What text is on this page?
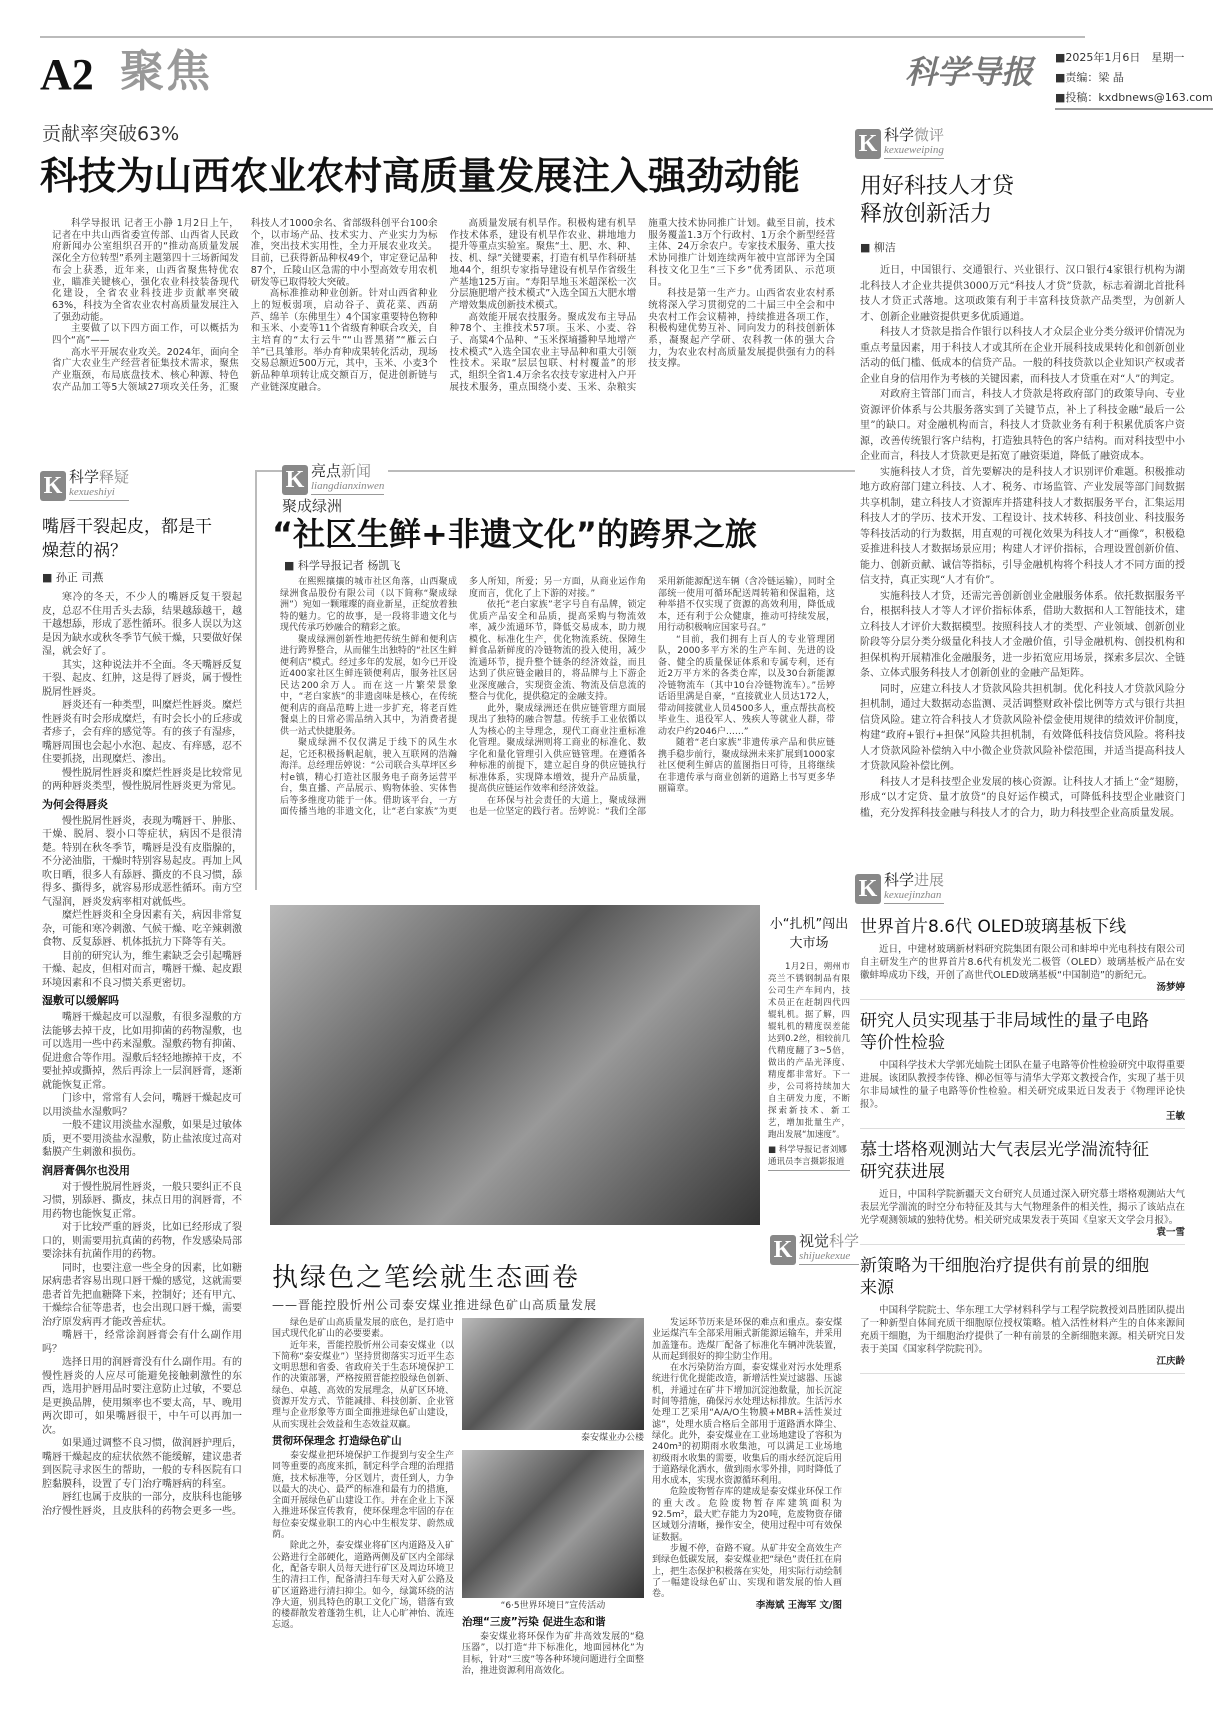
A2 聚焦	科学导报 ■2025年1月6日　星期一
■责编：梁 晶
■投稿：kxdbnews@163.com
贡献率突破63%
科技为山西农业农村高质量发展注入强劲动能

科学导报讯 记者王小静 1月2日上午，记者在中共山西省委宣传部、山西省人民政府新闻办公室组织召开的“推动高质量发展 深化全方位转型”系列主题第四十三场新闻发布会上获悉，近年来，山西省聚焦特优农业，瞄准关键核心，强化农业科技装备现代化建设，全省农业科技进步贡献率突破63%，科技为全省农业农村高质量发展注入了强劲动能。

主要做了以下四方面工作，可以概括为四个“高”——

高水平开展农业攻关。2024年，面向全省广大农业生产经营者征集技术需求，聚焦产业瓶颈，布局底盘技术、核心种源、特色农产品加工等5大领域27项攻关任务，汇聚科技人才1000余名、省部级科创平台100余个，以市场产品、技术实力、产业实力为标准，突出技术实用性，全力开展农业攻关。目前，已获得新品种权49个，审定登记品种87个，丘陵山区急需的中小型高效专用农机研发等已取得较大突破。

高标准推动种业创新。针对山西省种业上的短板弱项，启动谷子、黄花菜、西葫芦、绵羊（东佛里生）4个国家重要特色物种和玉米、小麦等11个省级育种联合攻关，自主培育的“太行云牛”“山晋黑猪”“雁云白羊”已具雏形。举办育种成果转化活动，现场交易总额近500万元，其中，玉米、小麦3个新品种单项转让成交额百万，促进创新链与产业链深度融合。

高质量发展有机旱作。积极构建有机旱作技术体系，建设有机旱作农业、耕地地力提升等重点实验室。聚焦“土、肥、水、种、技、机、绿”关键要素，打造有机旱作科研基地44个，组织专家指导建设有机旱作省级生产基地125万亩。“寿阳旱地玉米超深松一次分层施肥增产技术模式”入选全国五大肥水增产增效集成创新技术模式。

高效能开展农技服务。聚成发布主导品种78个、主推技术57项。玉米、小麦、谷子、高粱4个品种、“玉米探墒播种旱地增产技术模式”入选全国农业主导品种和重大引领性技术。采取“层层包联、村村覆盖”的形式，组织全省1.4万余名农技专家进村入户开展技术服务，重点围绕小麦、玉米、杂粮实施重大技术协同推广计划。截至目前，技术服务覆盖1.3万个行政村、1万余个新型经营主体、24万余农户。专家技术服务、重大技术协同推广计划连续两年被中宣部评为全国科技文化卫生“三下乡”优秀团队、示范项目。

科技是第一生产力。山西省农业农村系统将深入学习贯彻党的二十届三中全会和中央农村工作会议精神，持续推进各项工作，积极构建优势互补、同向发力的科技创新体系，凝聚起产学研、农科教一体的强大合力，为农业农村高质量发展提供强有力的科技支撑。

K 科学微评
kexueweiping
用好科技人才贷 释放创新活力
■ 柳洁

近日，中国银行、交通银行、兴业银行、汉口银行4家银行机构为湖北科技人才企业共提供3000万元“科技人才贷”贷款，标志着湖北首批科技人才贷正式落地。这项政策有利于丰富科技贷款产品类型，为创新人才、创新企业融资提供更多优质通道。

科技人才贷款是指合作银行以科技人才众层企业分类分级评价情况为重点考量因素，用于科技人才或其所在企业开展科技成果转化和创新创业活动的低门槛、低成本的信贷产品。一般的科技贷款以企业知识产权或者企业自身的信用作为考核的关键因素，而科技人才贷重在对“人”的判定。

对政府主管部门而言，科技人才贷款是将政府部门的政策导向、专业资源评价体系与公共服务落实到了关键节点，补上了科技金融“最后一公里”的缺口。对金融机构而言，科技人才贷款业务有利于积累优质客户资源，改善传统银行客户结构，打造独具特色的客户结构。而对科技型中小企业而言，科技人才贷款更是拓宽了融资渠道，降低了融资成本。

实施科技人才贷，首先要解决的是科技人才识别评价难题。积极推动地方政府部门建立科技、人才、税务、市场监管、产业发展等部门间数据共享机制，建立科技人才资源库并搭建科技人才数据服务平台，汇集运用科技人才的学历、技术开发、工程设计、技术转移、科技创业、科技服务等科技活动的行为数据，用直观的可视化效果为科技人才“画像”，积极稳妥推进科技人才数据场景应用；构建人才评价指标，合理设置创新价值、能力、创新贡献、诚信等指标，引导金融机构将个科技人才不同方面的授信支持，真正实现“人才有价”。

实施科技人才贷，还需完善创新创业金融服务体系。依托数据服务平台，根据科技人才等人才评价指标体系，借助大数据和人工智能技术，建立科技人才评价大数据模型。按照科技人才的类型、产业领域、创新创业阶段等分层分类分级量化科技人才金融价值，引导金融机构、创投机构和担保机构开展精准化金融服务，进一步拓宽应用场景，探索多层次、全链条、立体式服务科技人才创新创业的金融产品矩阵。

同时，应建立科技人才贷款风险共担机制。优化科技人才贷款风险分担机制，通过大数据动态监测、灵活调整财政补偿比例等方式与银行共担信贷风险。建立符合科技人才贷款风险补偿金使用规律的绩效评价制度，构建“政府+银行+担保”风险共担机制，有效降低科技信贷风险。将科技人才贷款风险补偿纳入中小微企业贷款风险补偿范围，并适当提高科技人才贷款风险补偿比例。

科技人才是科技型企业发展的核心资源。让科技人才插上“金”翅膀，形成“以才定贷、量才放贷”的良好运作模式，可降低科技型企业融资门槛，充分发挥科技金融与科技人才的合力，助力科技型企业高质量发展。

K 科学进展
kexuejinzhan
世界首片8.6代 OLED玻璃基板下线

近日，中建材玻璃新材料研究院集团有限公司和蚌埠中光电科技有限公司自主研发生产的世界首片8.6代有机发光二极管（OLED）玻璃基板产品在安徽蚌埠成功下线，开创了高世代OLED玻璃基板“中国制造”的新纪元。

汤梦婷
研究人员实现基于非局域性的量子电路等价性检验

中国科学技术大学郭光灿院士团队在量子电路等价性检验研究中取得重要进展。该团队教授李传锋、柳必恒等与清华大学郑文教授合作，实现了基于贝尔非局域性的量子电路等价性检验。相关研究成果近日发表于《物理评论快报》。

王敏
慕士塔格观测站大气表层光学湍流特征研究获进展

近日，中国科学院新疆天文台研究人员通过深入研究慕士塔格观测站大气表层光学湍流的时空分布特征及其与大气物理条件的相关性，揭示了该站点在光学观测领域的独特优势。相关研究成果发表于英国《皇家天文学会月报》。

袁一雪
新策略为干细胞治疗提供有前景的细胞来源

中国科学院院士、华东理工大学材料科学与工程学院教授刘昌胜团队提出了一种新型自体间充质干细胞原位授权策略。植入活性材料产生的自体来源间充质干细胞，为干细胞治疗提供了一种有前景的全新细胞来源。相关研究日发表于美国《国家科学院院刊》。

江庆龄
K 科学释疑
kexueshiyi
嘴唇干裂起皮，都是干燥惹的祸？
■ 孙正 司燕

寒冷的冬天，不少人的嘴唇反复干裂起皮，总忍不住用舌头去舔，结果越舔越干，越干越想舔，形成了恶性循环。很多人误以为这是因为缺水或秋冬季节气候干燥，只要做好保湿，就会好了。

其实，这种说法并不全面。冬天嘴唇反复干裂、起皮、红肿，这是得了唇炎，属于慢性脱屑性唇炎。

唇炎还有一种类型，叫糜烂性唇炎。糜烂性唇炎有时会形成糜烂，有时会长小的丘疹或者疹子，会有痒的感觉等。有的孩子有湿疹，嘴唇周围也会起小水泡、起皮、有痒感，忍不住要抓挠，出现糜烂、渗出。

慢性脱屑性唇炎和糜烂性唇炎是比较常见的两种唇炎类型，慢性脱屑性唇炎更为常见。

为何会得唇炎

慢性脱屑性唇炎，表现为嘴唇干、肿胀、干燥、脱屑、裂小口等症状，病因不是很清楚。特别在秋冬季节，嘴唇是没有皮脂腺的，不分泌油脂，干燥时特别容易起皮。再加上风吹日晒，很多人有舔唇、撕皮的不良习惯，舔得多、撕得多，就容易形成恶性循环。南方空气湿润，唇炎发病率相对就低些。

糜烂性唇炎和全身因素有关，病因非常复杂，可能和寒冷刺激、气候干燥、吃辛辣刺激食物、反复舔唇、机体抵抗力下降等有关。

目前的研究认为，维生素缺乏会引起嘴唇干燥、起皮，但相对而言，嘴唇干燥、起皮跟环境因素和不良习惯关系更密切。

湿敷可以缓解吗

嘴唇干燥起皮可以湿敷，有很多湿敷的方法能够去掉干皮，比如用抑菌的药物湿敷，也可以选用一些中药来湿敷。湿敷药物有抑菌、促进愈合等作用。湿敷后轻轻地擦掉干皮，不要扯掉或撕掉，然后再涂上一层润唇膏，逐渐就能恢复正常。

门诊中，常常有人会问，嘴唇干燥起皮可以用淡盐水湿敷吗？

一般不建议用淡盐水湿敷，如果是过敏体质，更不要用淡盐水湿敷，防止盐浓度过高对黏膜产生刺激和损伤。

润唇膏偶尔也没用

对于慢性脱屑性唇炎，一般只要纠正不良习惯，别舔唇、撕皮，抹点日用的润唇膏，不用药物也能恢复正常。

对于比较严重的唇炎，比如已经形成了裂口的，则需要用抗真菌的药物，作发感染局部要涂抹有抗菌作用的药物。

同时，也要注意一些全身的因素，比如糖尿病患者容易出现口唇干燥的感觉，这就需要患者首先把血糖降下来，控制好；还有甲亢、干燥综合征等患者，也会出现口唇干燥，需要治疗原发病再才能改善症状。

嘴唇干，经常涂润唇膏会有什么副作用吗？

选择日用的润唇膏没有什么副作用。有的慢性唇炎的人应尽可能避免接触刺激性的东西，选用护唇用品时要注意防止过敏，不要总是更换品牌，使用频率也不要太高，早、晚用两次即可，如果嘴唇很干，中午可以再加一次。

如果通过调整不良习惯，做润唇护理后，嘴唇干燥起皮的症状依然不能缓解，建议患者到医院寻求医生的帮助，一般的专科医院有口腔黏膜科，设置了专门治疗嘴唇病的科室。

唇红也属于皮肤的一部分，皮肤科也能够治疗慢性唇炎，且皮肤科的药物会更多一些。

K 亮点新闻
liangdianxinwen
聚成绿洲
“社区生鲜+非遗文化”的跨界之旅
■ 科学导报记者 杨凯飞

在熙熙攘攘的城市社区角落，山西聚成绿洲食品股份有限公司（以下简称“聚成绿洲”）宛如一颗璀璨的商业新星，正绽放着独特的魅力。它的故事，是一段将非遗文化与现代传承巧妙融合的精彩之旅。

聚成绿洲创新性地把传统生鲜和便利店进行跨界整合，从而催生出独特的“社区生鲜便利店”模式。经过多年的发展，如今已开设近400家社区生鲜连锁便利店，服务社区居民达200余万人。而在这一片繁荣景象中，“老白家族”的非遗卤味是核心，在传统便利店的商品范畴上进一步扩充，将老百姓餐桌上的日常必需品纳入其中，为消费者提供一站式快捷服务。

聚成绿洲不仅仅满足于线下的风生水起，它还积极扬帆起航，驶入互联网的浩瀚海洋。总经理岳婷说：“公司联合头草坪区乡村e镇，精心打造社区服务电子商务运营平台，集直播、产品展示、购物体验、实体售后等多维度功能于一体。借助该平台，一方面传播当地的非遗文化，让“老白家族”为更多人所知，所爱；另一方面，从商业运作角度而言，优化了上下游的对接。”

依托“老白家族”老字号自有品牌，锁定优质产品安全和品质，提高采购与物流效率，减少流通环节，降低交易成本，助力规模化、标准化生产，优化物流系统、保障生鲜食品新鲜度的冷链物流的投入使用，减少流通环节，提升整个链条的经济效益，而且达到了供应链金融目的，将品牌与上下游企业深度融合，实现资金流、物流及信息流的整合与优化，提供稳定的金融支持。

此外，聚成绿洲还在供应链管理方面展现出了独特的融合智慧。传统手工业依循以人为核心的主导理念，现代工商业注重标准化管理。聚成绿洲则将工商业的标准化、数字化和量化管理引入供应链管理。在遵循各种标准的前提下，建立起自身的供应链执行标准体系，实现降本增效，提升产品质量，提高供应链运作效率和经济效益。

在环保与社会责任的大道上，聚成绿洲也是一位坚定的践行者。岳婷说：“我们全部采用新能源配送车辆（含冷链运输），同时全部统一使用可循环配送周转箱和保温箱，这种举措不仅实现了资源的高效利用，降低成本，还有利于公众健康，推动可持续发展，用行动积极响应国家号召。”

“目前，我们拥有上百人的专业管理团队，2000多平方米的生产车间、先进的设备、健全的质量保证体系和专属专利，还有近2万平方米的各类仓库，以及30台新能源冷链物流车（其中10台冷链物流车）。”岳婷话语里满是自豪，“直接就业人员达172人，带动间接就业人员4500多人，重点帮扶高校毕业生、退役军人、残疾人等就业人群，带动农户约2046户……”

随着“老白家族”非遗传承产品和供应链携手稳步前行，聚成绿洲未来扩展到1000家社区便利生鲜店的蓝图指日可待，且将继续在非遗传承与商业创新的道路上书写更多华丽篇章。

小“扎机”闯出大市场
1月2日，朔州市亮兰不锈钢制品有限公司生产车间内，技术员正在赶制四代四辊轧机。据了解，四辊轧机的精度误差能达到0.2丝，相较前几代精度翻了3~5倍，做出的产品光泽度、精度都非常好。下一步，公司将持续加大自主研发力度，不断探索新技术、新工艺，增加批量生产，跑出发展“加速度”。
■ 科学导报记者刘娜 通讯员李言摄影报道
K 视觉科学
shijuekexue
执绿色之笔绘就生态画卷
——晋能控股忻州公司泰安煤业推进绿色矿山高质量发展

绿色是矿山高质量发展的底色，是打造中国式现代化矿山的必要要素。

近年来，晋能控股忻州公司泰安煤业（以下简称“泰安煤业”）坚持贯彻落实习近平生态文明思想和省委、省政府关于生态环境保护工作的决策部署，严格按照晋能控股绿色创新、绿色、卓越、高效的发展理念，从矿区环境、资源开发方式、节能减排、科技创新、企业管理与企业形象等方面全面推进绿色矿山建设，从而实现社会效益和生态效益双赢。

贯彻环保理念 打造绿色矿山

泰安煤业把环境保护工作提到与安全生产同等重要的高度来抓，制定科学合理的治理措施，技术标准等，分区划片，责任到人，力争以最大的决心、最严的标准和最有力的措施，全面开展绿色矿山建设工作。并在企业上下深入推进环保宣传教育，使环保理念牢固的存在每位泰安煤业职工的内心中生根发芽、蔚然成荫。

除此之外，泰安煤业将矿区内道路及入矿公路进行全部硬化，道路两侧及矿区内全部绿化，配备专职人员每天进行矿区及周边环境卫生的清扫工作，配备清扫车每天对入矿公路及矿区道路进行清扫抑尘。如今，绿篱环绕的洁净大道，别具特色的职工文化广场，错落有致的楼群散发着蓬勃生机，让人心旷神怡、流连忘返。

泰安煤业办公楼
“6·5世界环境日”宣传活动
治理“三废”污染 促进生态和谐

泰安煤业将环保作为矿井高效发展的“稳压器”，以打造“井下标准化，地面园林化”为目标，针对“三废”等各种环境问题进行全面整治，推进资源利用高效化。

发运环节历来是环保的难点和重点。泰安煤业运煤汽车全部采用厢式新能源运输车，并采用加盖篷布。选煤厂配备了标准化车辆冲洗装置，从而起到很好的抑尘防尘作用。

在水污染防治方面，泰安煤业对污水处理系统进行优化提能改造，新增活性炭过滤器、压滤机，并通过在矿井下增加沉淀池数量，加长沉淀时间等措施，确保污水处理达标排放。生活污水处理工艺采用“A/A/O生物膜+MBR+活性炭过滤”，处理水质合格后全部用于道路洒水降尘、绿化。此外，泰安煤业在工业场地建设了容积为240m³的初期雨水收集池，可以满足工业场地初级雨水收集的需要，收集后的雨水经沉淀后用于道路绿化洒水，做到雨水零外排，同时降低了用水成本，实现水资源循环利用。

危险废物暂存库的建成是泰安煤业环保工作的重大改。危险废物暂存库建筑面积为92.5m²，最大贮存能力为20吨，危废物资存储区域划分清晰，操作安全，使用过程中可有效保证数据。

步履不停，奋路不窥。从矿井安全高效生产到绿色低碳发展，泰安煤业把“绿色”责任扛在肩上，把生态保护积极落在实处，用实际行动绘制了一幅建设绿色矿山、实现和谐发展的怡人画卷。

李海斌 王海军 文/图
